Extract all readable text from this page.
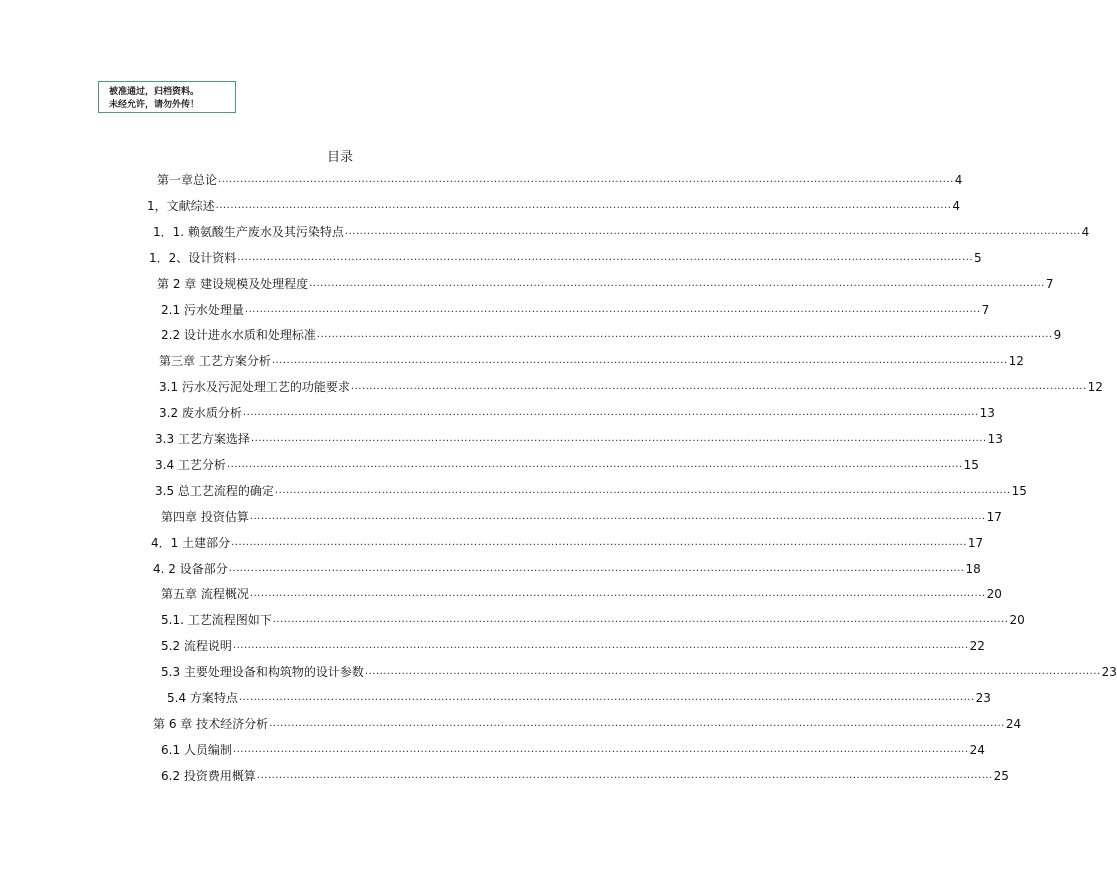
被准通过，归档资料。
未经允许，请勿外传！
目录
第一章总论 ........................................................................................................................................................................................................ 4
1，文献综述 ........................................................................................................................................................................................................ 4
1．1. 赖氨酸生产废水及其污染特点 ........................................................................................................................................................................................................ 4
1．2、设计资料 ........................................................................................................................................................................................................ 5
第 2 章 建设规模及处理程度 ........................................................................................................................................................................................................ 7
2.1 污水处理量 ........................................................................................................................................................................................................ 7
2.2 设计进水水质和处理标准 ........................................................................................................................................................................................................ 9
第三章 工艺方案分析 ........................................................................................................................................................................................................ 12
3.1 污水及污泥处理工艺的功能要求 ........................................................................................................................................................................................................ 12
3.2 废水质分析 ........................................................................................................................................................................................................ 13
3.3 工艺方案选择 ........................................................................................................................................................................................................ 13
3.4 工艺分析 ........................................................................................................................................................................................................ 15
3.5 总工艺流程的确定 ........................................................................................................................................................................................................ 15
第四章 投资估算 ........................................................................................................................................................................................................ 17
4．1 土建部分 ........................................................................................................................................................................................................ 17
4. 2 设备部分 ........................................................................................................................................................................................................ 18
第五章 流程概况 ........................................................................................................................................................................................................ 20
5.1. 工艺流程图如下 ........................................................................................................................................................................................................ 20
5.2 流程说明 ........................................................................................................................................................................................................ 22
5.3 主要处理设备和构筑物的设计参数 ........................................................................................................................................................................................................ 23
5.4 方案特点 ........................................................................................................................................................................................................ 23
第 6 章 技术经济分析 ........................................................................................................................................................................................................ 24
6.1 人员编制 ........................................................................................................................................................................................................ 24
6.2 投资费用概算 ........................................................................................................................................................................................................ 25
